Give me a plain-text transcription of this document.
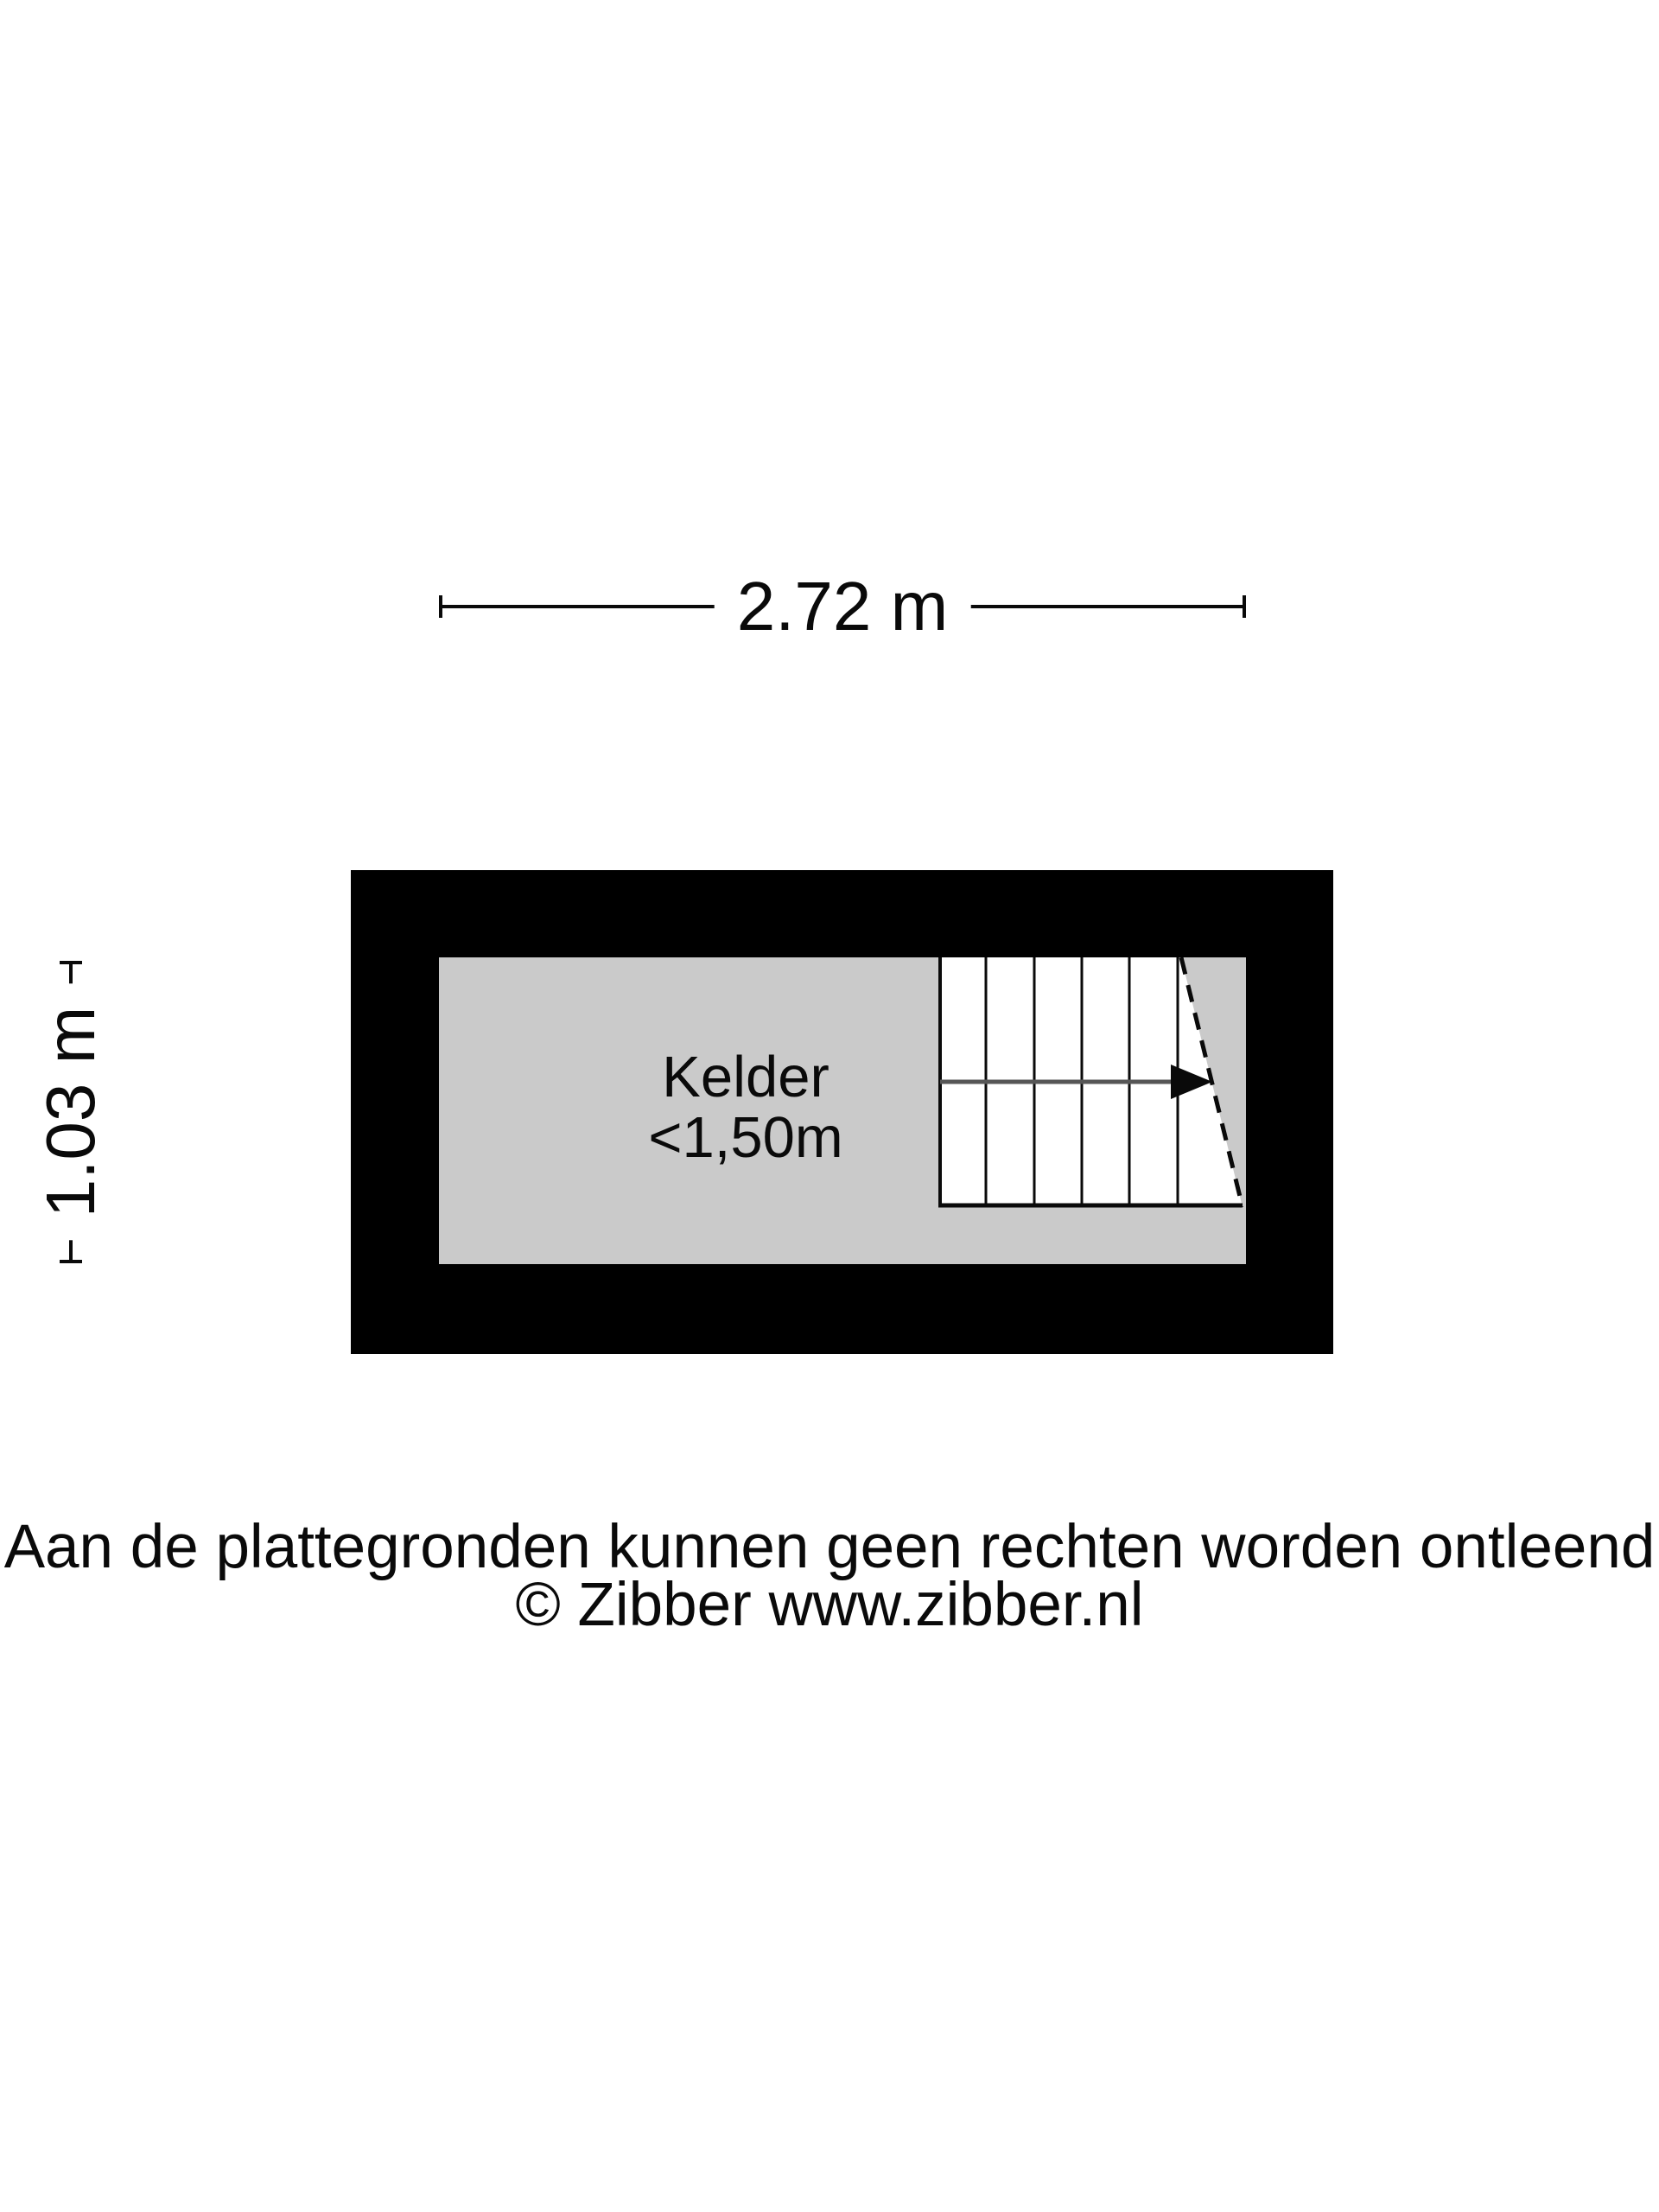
2.72 m
1.03 m	Kelder
<1,50m
Aan de plattegronden kunnen geen rechten worden ontleend
© Zibber www.zibber.nl
